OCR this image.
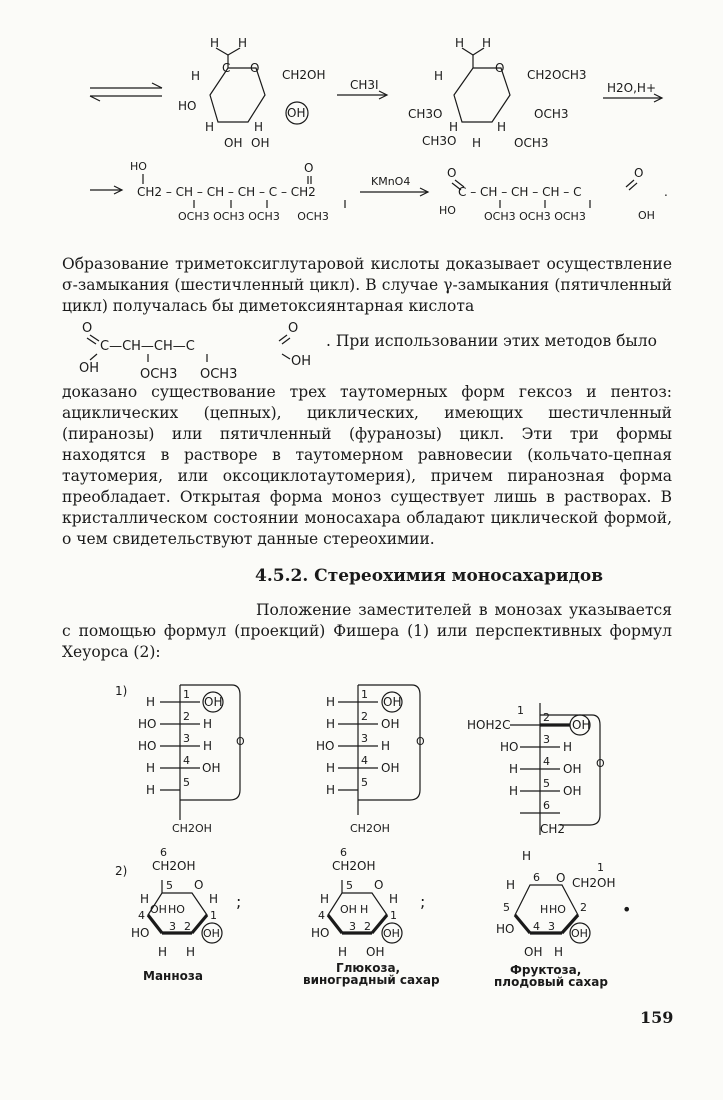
H H
C O CH2OH
H
HO	OH
H	H
OH OH
CH3I
H H
O CH2OCH3
H
CH3O	OCH3
H	H
CH3O H	OCH3
H2O,H+
HO	O
CH2 – CH – CH – CH – C – CH2
OCH3 OCH3 OCH3     OCH3
KMnO4
O
C – CH – CH – CH – C
O
HO	OH
OCH3 OCH3 OCH3
.
Образование триметоксиглутаровой кислоты доказывает осуществление σ-замыкания (шестичленный цикл). В случае γ-замыкания (пятичленный цикл) получалась бы диметоксиянтарная кислота
O
C—CH—CH—C
O
OH	OH
OCH3 OCH3
. При использовании этих методов было
доказано существование трех таутомерных форм гексоз и пентоз: ациклических (цепных), циклических, имеющих шестичленный (пиранозы) или пятичленный (фуранозы) цикл. Эти три формы находятся в растворе в таутомерном равновесии (кольчато-цепная таутомерия, или оксоциклотаутомерия), причем пиранозная форма преобладает. Открытая форма моноз существует лишь в растворах. В кристаллическом состоянии моносахара обладают циклической формой, о чем свидетельствуют данные стереохимии.
4.5.2. Стереохимия моносахаридов
Положение заместителей в монозах указывается с помощью формул (проекций) Фишера (1) или перспективных формул Хеуорса (2):
1)
2)
O
H
HO
HO
H
H
OH
H
H
OH
1
2
3
4
5
CH2OH
O
H
H
HO
H
H
OH
OH
H
OH
1
2
3
4
5
CH2OH
O
1
HOH2C
HO
H
H
OH
H
OH
OH
2
3
4
5
6
CH2
6
CH2OH
5 O
H	H
4	1
OH HO
3 2
HO	OH
H H
;
6
CH2OH
5 O
H	H
4	1
OH H
3 2
HO	OH
H OH
;
H
6 O
1
CH2OH
H
5	2
H HO
4 3
HO	OH
OH H
•
Манноза
Глюкоза,
виноградный сахар
Фруктоза,
плодовый сахар
159
